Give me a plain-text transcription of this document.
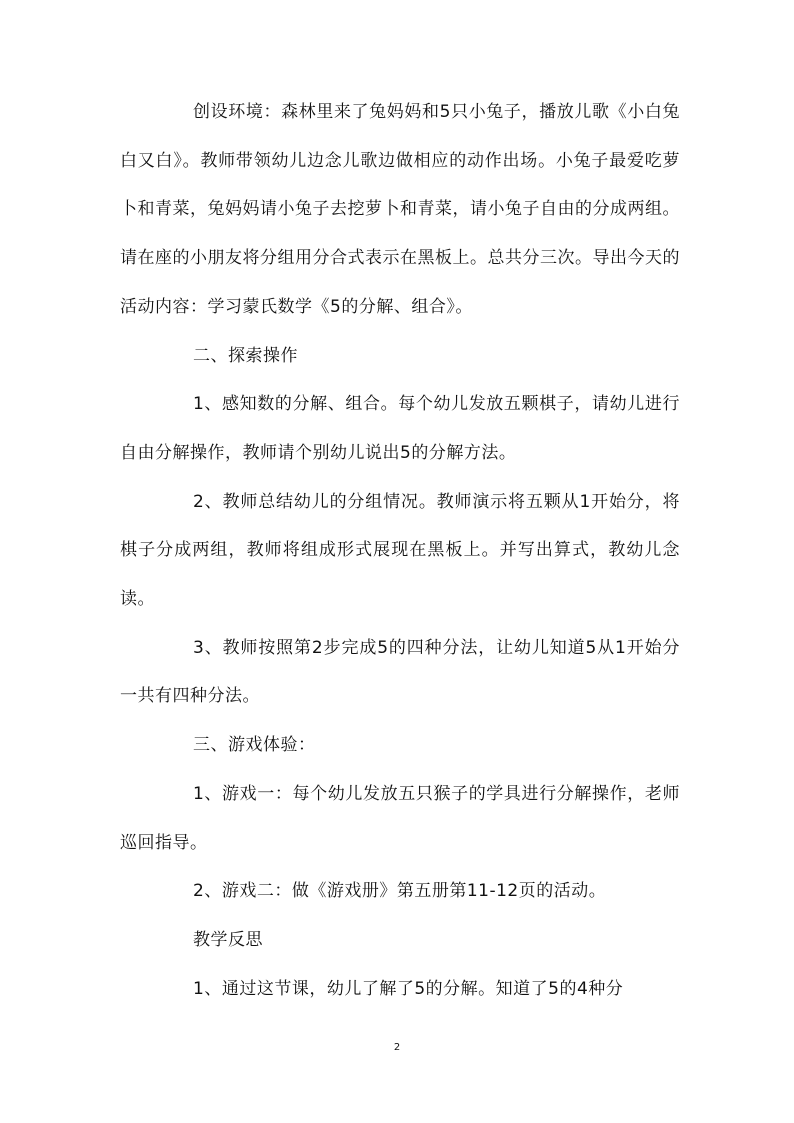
创设环境：森林里来了兔妈妈和5只小兔子，播放儿歌《小白兔白又白》。教师带领幼儿边念儿歌边做相应的动作出场。小兔子最爱吃萝卜和青菜，兔妈妈请小兔子去挖萝卜和青菜，请小兔子自由的分成两组。请在座的小朋友将分组用分合式表示在黑板上。总共分三次。导出今天的活动内容：学习蒙氏数学《5的分解、组合》。

二、探索操作

1、感知数的分解、组合。每个幼儿发放五颗棋子，请幼儿进行自由分解操作，教师请个别幼儿说出5的分解方法。

2、教师总结幼儿的分组情况。教师演示将五颗从1开始分，将棋子分成两组，教师将组成形式展现在黑板上。并写出算式，教幼儿念读。

3、教师按照第2步完成5的四种分法，让幼儿知道5从1开始分一共有四种分法。

三、游戏体验：

1、游戏一：每个幼儿发放五只猴子的学具进行分解操作，老师巡回指导。

2、游戏二：做《游戏册》第五册第11-12页的活动。

教学反思

1、通过这节课，幼儿了解了5的分解。知道了5的4种分

2
